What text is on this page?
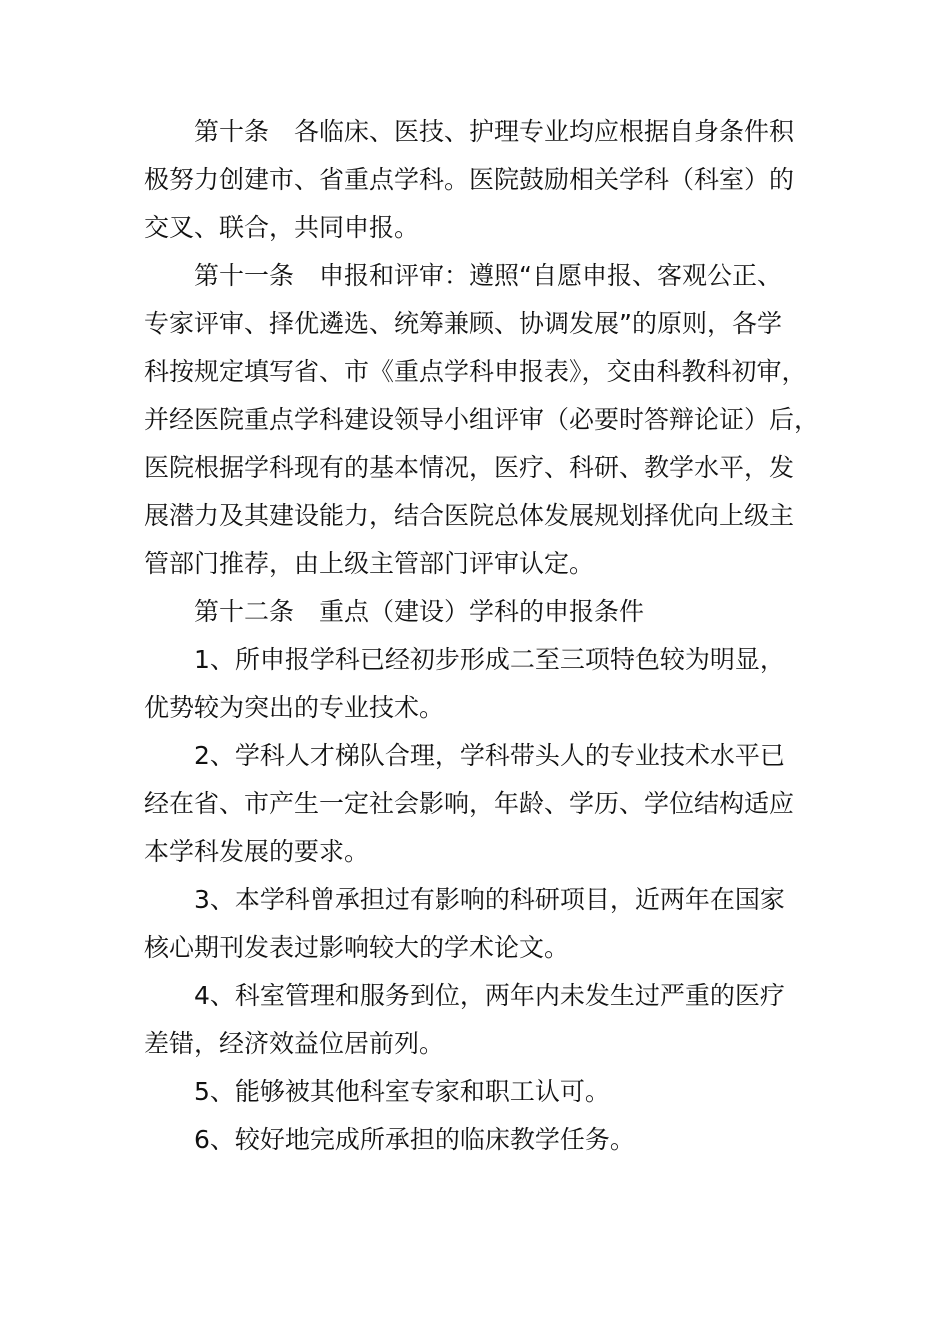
第十条　各临床、医技、护理专业均应根据自身条件积
极努力创建市、省重点学科。医院鼓励相关学科（科室）的
交叉、联合，共同申报。
第十一条　申报和评审：遵照“自愿申报、客观公正、
专家评审、择优遴选、统筹兼顾、协调发展”的原则，各学
科按规定填写省、市《重点学科申报表》，交由科教科初审，
并经医院重点学科建设领导小组评审（必要时答辩论证）后，
医院根据学科现有的基本情况，医疗、科研、教学水平，发
展潜力及其建设能力，结合医院总体发展规划择优向上级主
管部门推荐，由上级主管部门评审认定。
第十二条　重点（建设）学科的申报条件
1、所申报学科已经初步形成二至三项特色较为明显，
优势较为突出的专业技术。
2、学科人才梯队合理，学科带头人的专业技术水平已
经在省、市产生一定社会影响，年龄、学历、学位结构适应
本学科发展的要求。
3、本学科曾承担过有影响的科研项目，近两年在国家
核心期刊发表过影响较大的学术论文。
4、科室管理和服务到位，两年内未发生过严重的医疗
差错，经济效益位居前列。
5、能够被其他科室专家和职工认可。
6、较好地完成所承担的临床教学任务。
